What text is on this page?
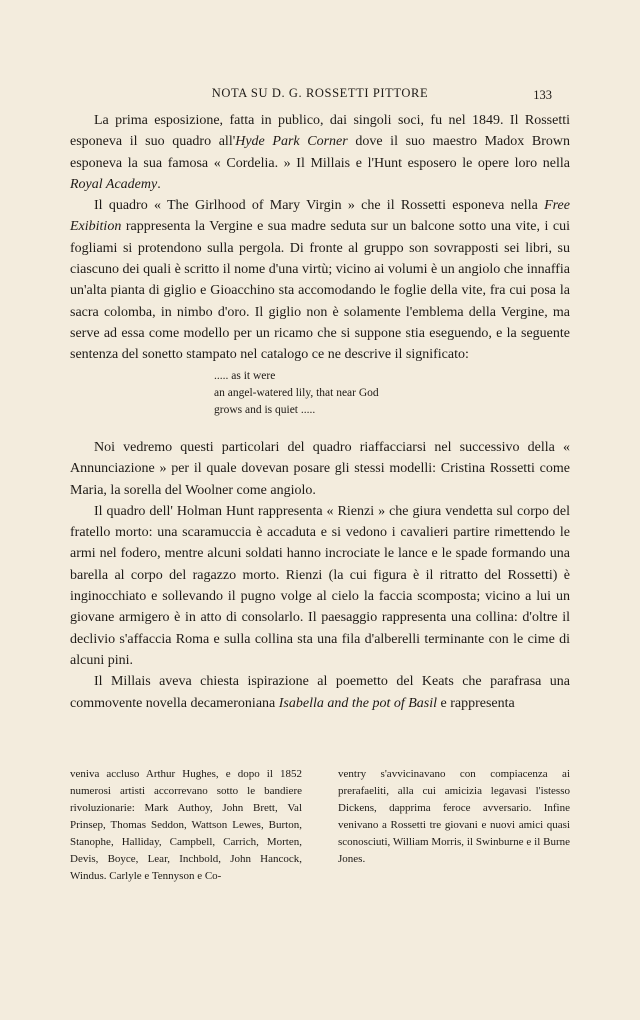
NOTA SU D. G. ROSSETTI PITTORE	133

La prima esposizione, fatta in publico, dai singoli soci, fu nel 1849. Il Rossetti esponeva il suo quadro all'Hyde Park Corner dove il suo maestro Madox Brown esponeva la sua famosa « Cordelia. » Il Millais e l'Hunt esposero le opere loro nella Royal Academy.

Il quadro « The Girlhood of Mary Virgin » che il Rossetti esponeva nella Free Exibition rappresenta la Vergine e sua madre seduta sur un balcone sotto una vite, i cui fogliami si protendono sulla pergola. Di fronte al gruppo son sovrapposti sei libri, su ciascuno dei quali è scritto il nome d'una virtù; vicino ai volumi è un angiolo che innaffia un'alta pianta di giglio e Gioacchino sta accomodando le foglie della vite, fra cui posa la sacra colomba, in nimbo d'oro. Il giglio non è solamente l'emblema della Vergine, ma serve ad essa come modello per un ricamo che si suppone stia eseguendo, e la seguente sentenza del sonetto stampato nel catalogo ce ne descrive il significato:

..... as it were
an angel-watered lily, that near God
grows and is quiet .....

Noi vedremo questi particolari del quadro riaffacciarsi nel successivo della « Annunciazione » per il quale dovevan posare gli stessi modelli: Cristina Rossetti come Maria, la sorella del Woolner come angiolo.

Il quadro dell' Holman Hunt rappresenta « Rienzi » che giura vendetta sul corpo del fratello morto: una scaramuccia è accaduta e si vedono i cavalieri partire rimettendo le armi nel fodero, mentre alcuni soldati hanno incrociate le lance e le spade formando una barella al corpo del ragazzo morto. Rienzi (la cui figura è il ritratto del Rossetti) è inginocchiato e sollevando il pugno volge al cielo la faccia scomposta; vicino a lui un giovane armigero è in atto di consolarlo. Il paesaggio rappresenta una collina: d'oltre il declivio s'affaccia Roma e sulla collina sta una fila d'alberelli terminante con le cime di alcuni pini.

Il Millais aveva chiesta ispirazione al poemetto del Keats che parafrasa una commovente novella decameroniana Isabella and the pot of Basil e rappresenta

veniva accluso Arthur Hughes, e dopo il 1852 numerosi artisti accorrevano sotto le bandiere rivoluzionarie: Mark Authoy, John Brett, Val Prinsep, Thomas Seddon, Wattson Lewes, Burton, Stanophe, Halliday, Campbell, Carrich, Morten, Devis, Boyce, Lear, Inchbold, John Hancock, Windus. Carlyle e Tennyson e Co-

ventry s'avvicinavano con compiacenza ai prerafaeliti, alla cui amicizia legavasi l'istesso Dickens, dapprima feroce avversario. Infine venivano a Rossetti tre giovani e nuovi amici quasi sconosciuti, William Morris, il Swinburne e il Burne Jones.
